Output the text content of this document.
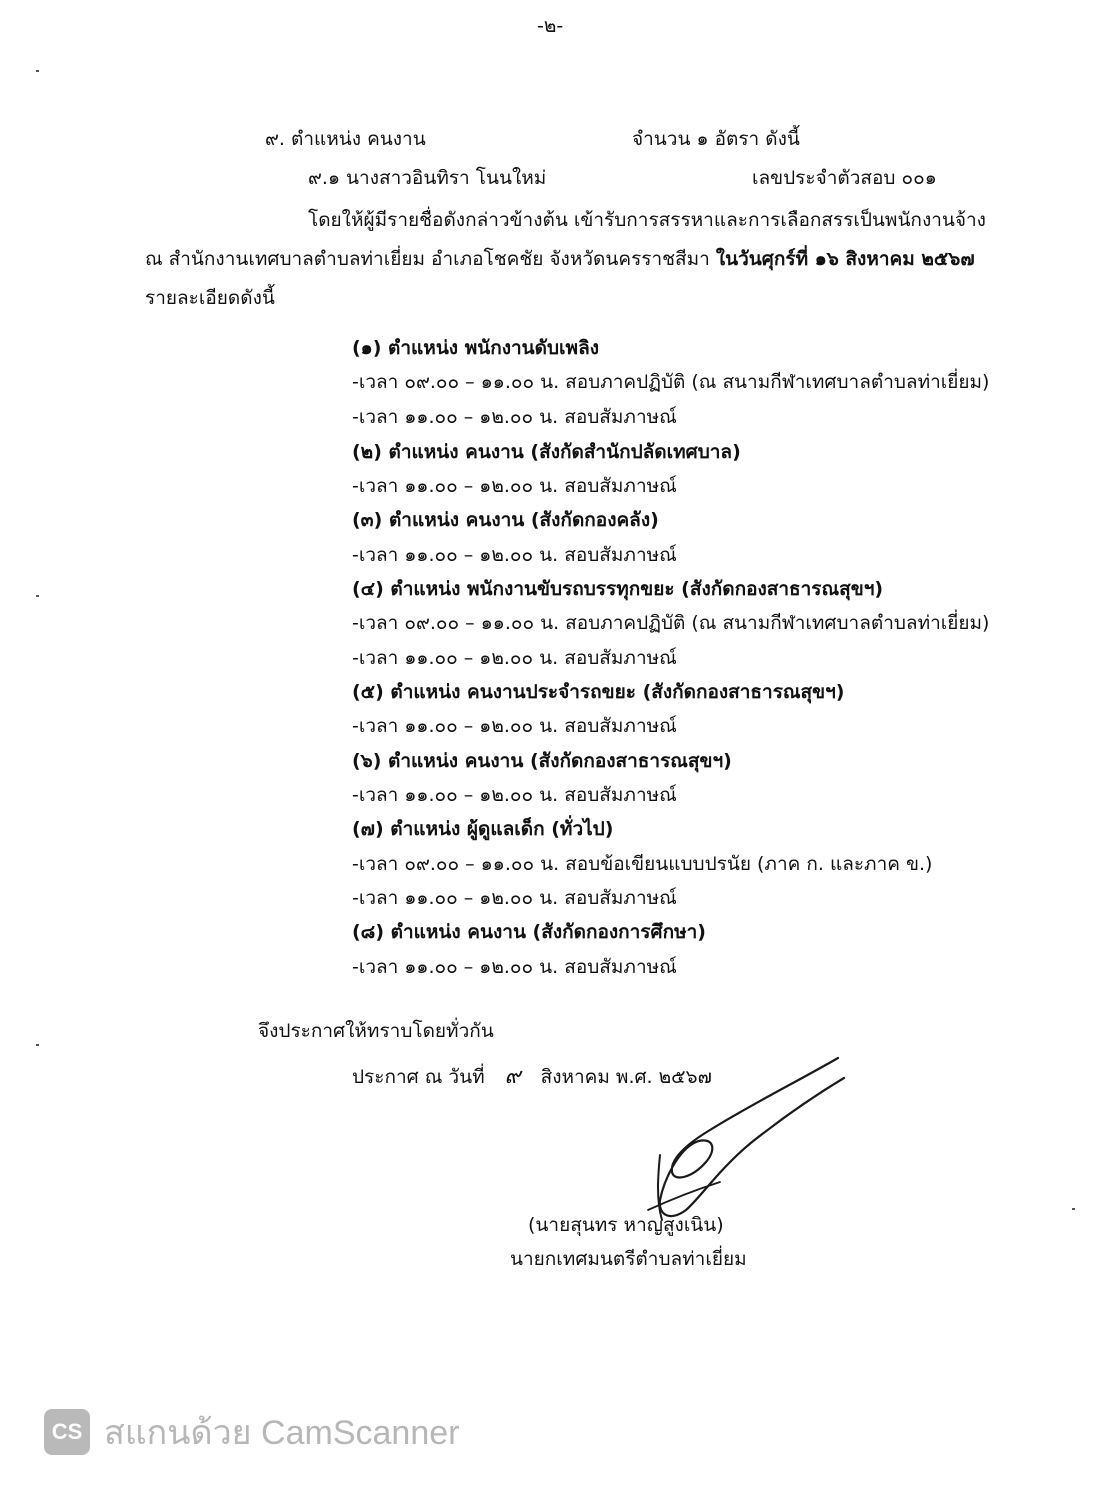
-๒-
๙. ตำแหน่ง คนงาน	จำนวน ๑ อัตรา ดังนี้
๙.๑ นางสาวอินทิรา โนนใหม่	เลขประจำตัวสอบ ๐๐๑
โดยให้ผู้มีรายชื่อดังกล่าวข้างต้น เข้ารับการสรรหาและการเลือกสรรเป็นพนักงานจ้าง
ณ สำนักงานเทศบาลตำบลท่าเยี่ยม อำเภอโชคชัย จังหวัดนครราชสีมา ในวันศุกร์ที่ ๑๖ สิงหาคม ๒๕๖๗
รายละเอียดดังนี้
(๑) ตำแหน่ง พนักงานดับเพลิง
-เวลา ๐๙.๐๐ – ๑๑.๐๐ น. สอบภาคปฏิบัติ (ณ สนามกีฬาเทศบาลตำบลท่าเยี่ยม)
-เวลา ๑๑.๐๐ – ๑๒.๐๐ น. สอบสัมภาษณ์
(๒) ตำแหน่ง คนงาน (สังกัดสำนักปลัดเทศบาล)
-เวลา ๑๑.๐๐ – ๑๒.๐๐ น. สอบสัมภาษณ์
(๓) ตำแหน่ง คนงาน (สังกัดกองคลัง)
-เวลา ๑๑.๐๐ – ๑๒.๐๐ น. สอบสัมภาษณ์
(๔) ตำแหน่ง พนักงานขับรถบรรทุกขยะ (สังกัดกองสาธารณสุขฯ)
-เวลา ๐๙.๐๐ – ๑๑.๐๐ น. สอบภาคปฏิบัติ (ณ สนามกีฬาเทศบาลตำบลท่าเยี่ยม)
-เวลา ๑๑.๐๐ – ๑๒.๐๐ น. สอบสัมภาษณ์
(๕) ตำแหน่ง คนงานประจำรถขยะ (สังกัดกองสาธารณสุขฯ)
-เวลา ๑๑.๐๐ – ๑๒.๐๐ น. สอบสัมภาษณ์
(๖) ตำแหน่ง คนงาน (สังกัดกองสาธารณสุขฯ)
-เวลา ๑๑.๐๐ – ๑๒.๐๐ น. สอบสัมภาษณ์
(๗) ตำแหน่ง ผู้ดูแลเด็ก (ทั่วไป)
-เวลา ๐๙.๐๐ – ๑๑.๐๐ น. สอบข้อเขียนแบบปรนัย (ภาค ก. และภาค ข.)
-เวลา ๑๑.๐๐ – ๑๒.๐๐ น. สอบสัมภาษณ์
(๘) ตำแหน่ง คนงาน (สังกัดกองการศึกษา)
-เวลา ๑๑.๐๐ – ๑๒.๐๐ น. สอบสัมภาษณ์
จึงประกาศให้ทราบโดยทั่วกัน
ประกาศ ณ วันที่ ๙ สิงหาคม พ.ศ. ๒๕๖๗
(นายสุนทร หาญสูงเนิน)
นายกเทศมนตรีตำบลท่าเยี่ยม
CS สแกนด้วย CamScanner
